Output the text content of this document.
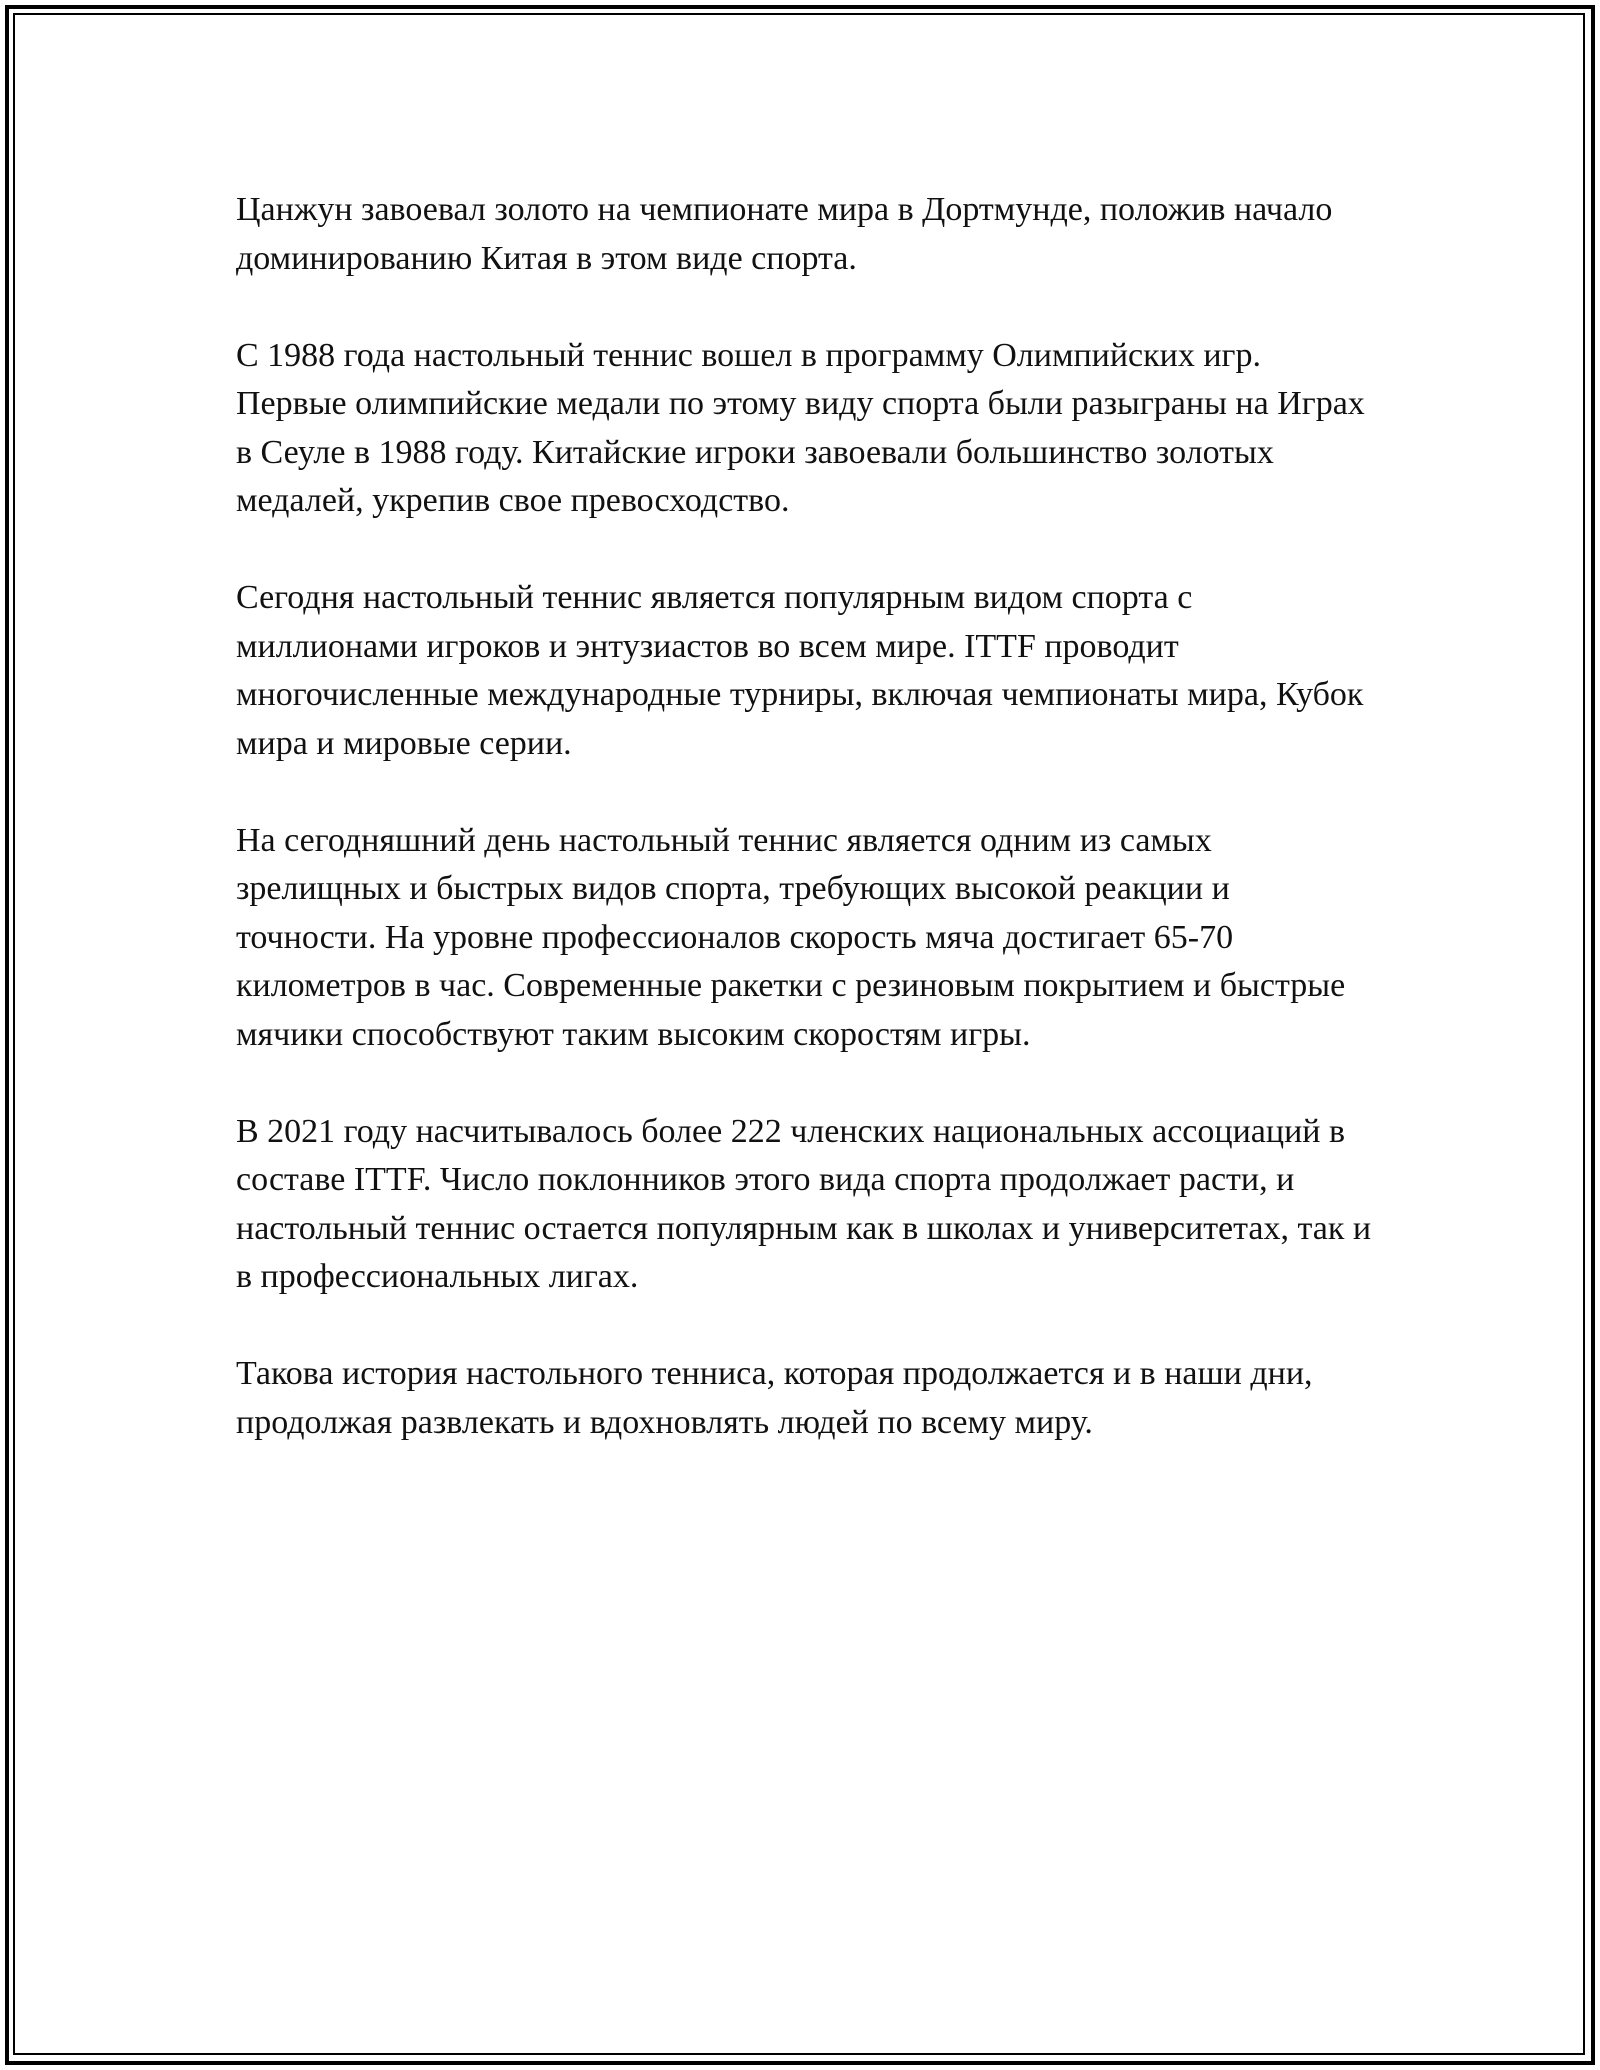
Цанжун завоевал золото на чемпионате мира в Дортмунде, положив начало доминированию Китая в этом виде спорта.

С 1988 года настольный теннис вошел в программу Олимпийских игр. Первые олимпийские медали по этому виду спорта были разыграны на Играх в Сеуле в 1988 году. Китайские игроки завоевали большинство золотых медалей, укрепив свое превосходство.

Сегодня настольный теннис является популярным видом спорта с миллионами игроков и энтузиастов во всем мире. ITTF проводит многочисленные международные турниры, включая чемпионаты мира, Кубок мира и мировые серии.

На сегодняшний день настольный теннис является одним из самых зрелищных и быстрых видов спорта, требующих высокой реакции и точности. На уровне профессионалов скорость мяча достигает 65-70 километров в час. Современные ракетки с резиновым покрытием и быстрые мячики способствуют таким высоким скоростям игры.

В 2021 году насчитывалось более 222 членских национальных ассоциаций в составе ITTF. Число поклонников этого вида спорта продолжает расти, и настольный теннис остается популярным как в школах и университетах, так и в профессиональных лигах.

Такова история настольного тенниса, которая продолжается и в наши дни, продолжая развлекать и вдохновлять людей по всему миру.
